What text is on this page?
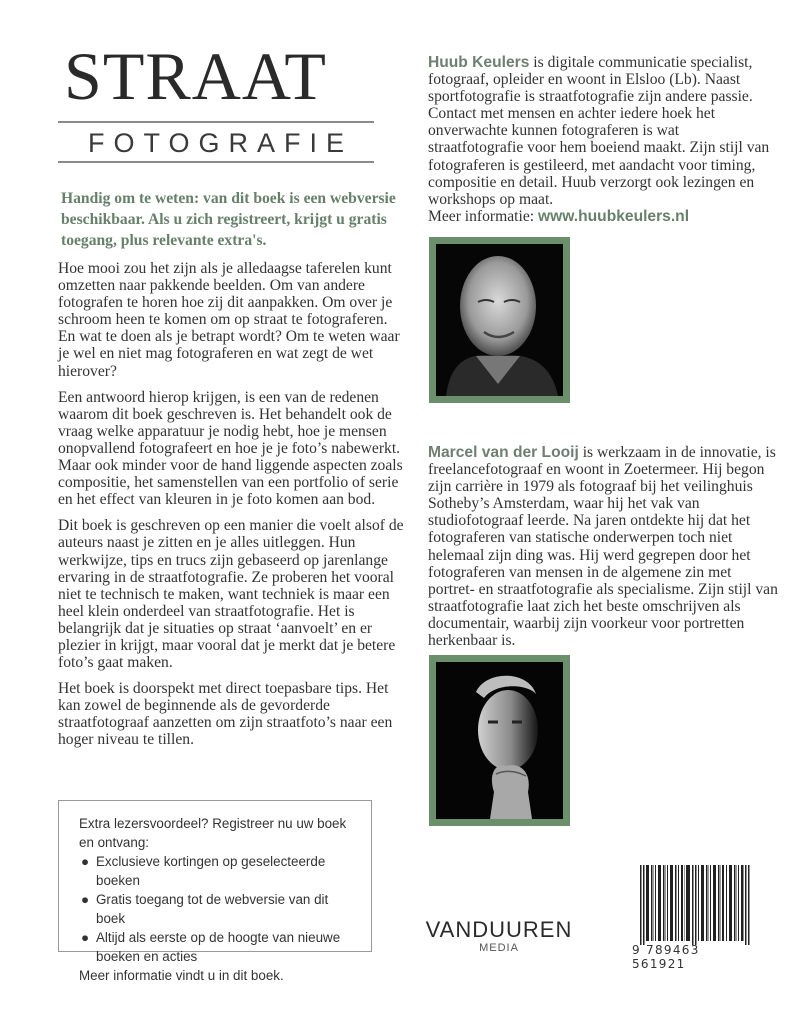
STRAAT
FOTOGRAFIE
Handig om te weten: van dit boek is een webversie beschikbaar. Als u zich registreert, krijgt u gratis toegang, plus relevante extra's.

Hoe mooi zou het zijn als je alledaagse taferelen kunt omzetten naar pakkende beelden. Om van andere fotografen te horen hoe zij dit aanpakken. Om over je schroom heen te komen om op straat te fotograferen. En wat te doen als je betrapt wordt? Om te weten waar je wel en niet mag fotograferen en wat zegt de wet hierover?

Een antwoord hierop krijgen, is een van de redenen waarom dit boek geschreven is. Het behandelt ook de vraag welke apparatuur je nodig hebt, hoe je mensen onopvallend fotografeert en hoe je je foto’s nabewerkt. Maar ook minder voor de hand liggende aspecten zoals compositie, het samenstellen van een portfolio of serie en het effect van kleuren in je foto komen aan bod.

Dit boek is geschreven op een manier die voelt alsof de auteurs naast je zitten en je alles uitleggen. Hun werkwijze, tips en trucs zijn gebaseerd op jarenlange ervaring in de straatfotografie. Ze proberen het vooral niet te technisch te maken, want techniek is maar een heel klein onderdeel van straatfotografie. Het is belangrijk dat je situaties op straat ‘aanvoelt’ en er plezier in krijgt, maar vooral dat je merkt dat je betere foto’s gaat maken.

Het boek is doorspekt met direct toepasbare tips. Het kan zowel de beginnende als de gevorderde straatfotograaf aanzetten om zijn straatfoto’s naar een hoger niveau te tillen.

Extra lezersvoordeel? Registreer nu uw boek en ontvang:
● Exclusieve kortingen op geselecteerde boeken
● Gratis toegang tot de webversie van dit boek
● Altijd als eerste op de hoogte van nieuwe boeken en acties
Meer informatie vindt u in dit boek.
Huub Keulers is digitale communicatie specialist, fotograaf, opleider en woont in Elsloo (Lb). Naast sportfotografie is straatfotografie zijn andere passie. Contact met mensen en achter iedere hoek het onverwachte kunnen fotograferen is wat straatfotografie voor hem boeiend maakt. Zijn stijl van fotograferen is gestileerd, met aandacht voor timing, compositie en detail. Huub verzorgt ook lezingen en workshops op maat.
Meer informatie: www.huubkeulers.nl
Marcel van der Looij is werkzaam in de innovatie, is freelancefotograaf en woont in Zoetermeer. Hij begon zijn carrière in 1979 als fotograaf bij het veilinghuis Sotheby’s Amsterdam, waar hij het vak van studiofotograaf leerde. Na jaren ontdekte hij dat het fotograferen van statische onderwerpen toch niet helemaal zijn ding was. Hij werd gegrepen door het fotograferen van mensen in de algemene zin met portret- en straatfotografie als specialisme. Zijn stijl van straatfotografie laat zich het beste omschrijven als documentair, waarbij zijn voorkeur voor portretten herkenbaar is.
VANDUUREN
MEDIA	9 789463 561921
